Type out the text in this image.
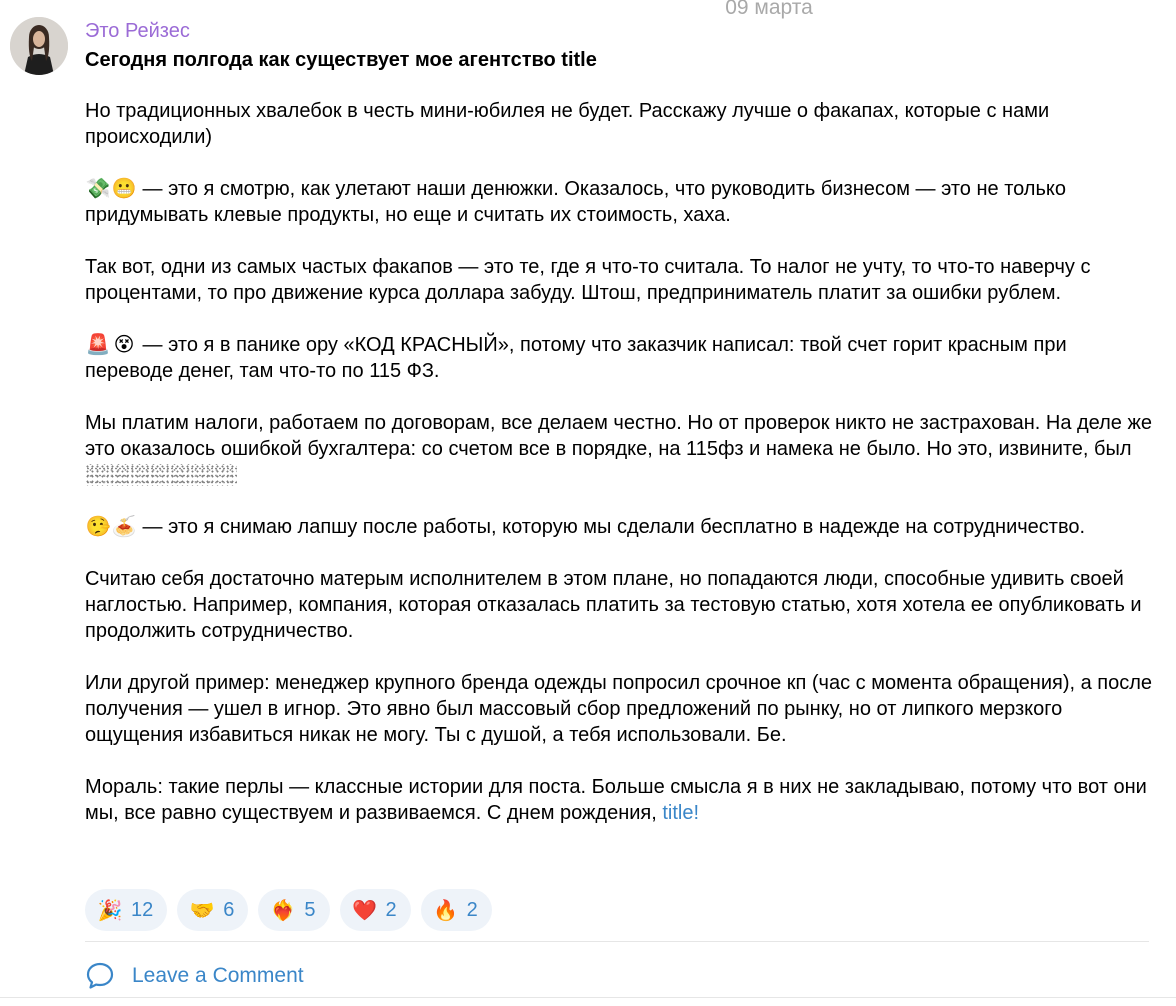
09 марта
Это Рейзес
Сегодня полгода как существует мое агентство title

Но традиционных хвалебок в честь мини-юбилея не будет. Расскажу лучше о факапах, которые с нами происходили)

💸😬 — это я смотрю, как улетают наши денюжки. Оказалось, что руководить бизнесом — это не только придумывать клевые продукты, но еще и считать их стоимость, хаха.

Так вот, одни из самых частых факапов — это те, где я что-то считала. То налог не учту, то что-то наверчу с процентами, то про движение курса доллара забуду. Штош, предприниматель платит за ошибки рублем.

🚨 😵 — это я в панике ору «КОД КРАСНЫЙ», потому что заказчик написал: твой счет горит красным при переводе денег, там что-то по 115 ФЗ.

Мы платим налоги, работаем по договорам, все делаем честно. Но от проверок никто не застрахован. На деле же это оказалось ошибкой бухгалтера: со счетом все в порядке, на 115фз и намека не было. Но это, извините, был

🤥🍝 — это я снимаю лапшу после работы, которую мы сделали бесплатно в надежде на сотрудничество.

Считаю себя достаточно матерым исполнителем в этом плане, но попадаются люди, способные удивить своей наглостью. Например, компания, которая отказалась платить за тестовую статью, хотя хотела ее опубликовать и продолжить сотрудничество.

Или другой пример: менеджер крупного бренда одежды попросил срочное кп (час с момента обращения), а после получения — ушел в игнор. Это явно был массовый сбор предложений по рынку, но от липкого мерзкого ощущения избавиться никак не могу. Ты с душой, а тебя использовали. Бе.

Мораль: такие перлы — классные истории для поста. Больше смысла я в них не закладываю, потому что вот они мы, все равно существуем и развиваемся. С днем рождения, title!

🎉 12 🤝 6 ❤️‍🔥 5 ❤️ 2 🔥 2
Leave a Comment
